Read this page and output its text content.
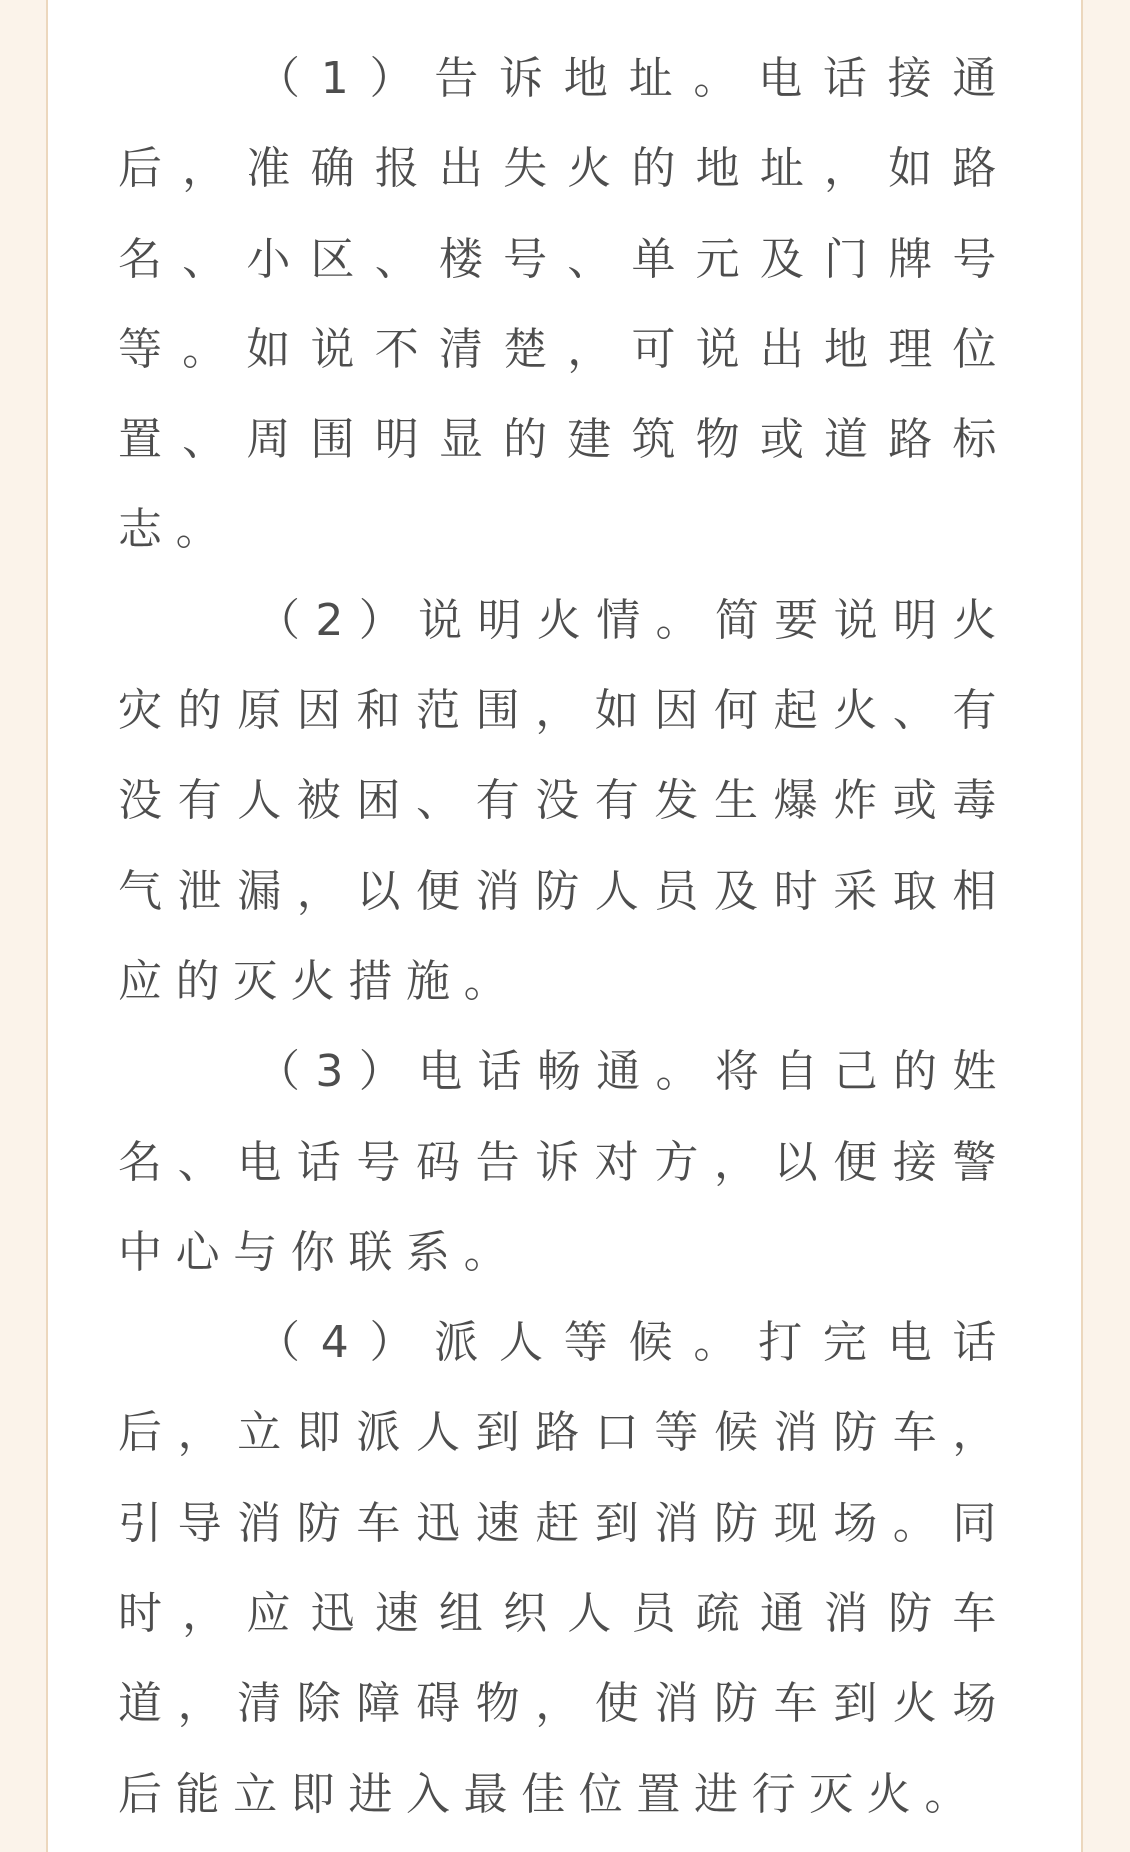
（1）告诉地址。电话接通后，准确报出失火的地址，如路名、小区、楼号、单元及门牌号等。如说不清楚，可说出地理位置、周围明显的建筑物或道路标志。

（2）说明火情。简要说明火灾的原因和范围，如因何起火、有没有人被困、有没有发生爆炸或毒气泄漏，以便消防人员及时采取相应的灭火措施。

（3）电话畅通。将自己的姓名、电话号码告诉对方，以便接警中心与你联系。

（4）派人等候。打完电话后，立即派人到路口等候消防车，引导消防车迅速赶到消防现场。同时，应迅速组织人员疏通消防车道，清除障碍物，使消防车到火场后能立即进入最佳位置进行灭火。
